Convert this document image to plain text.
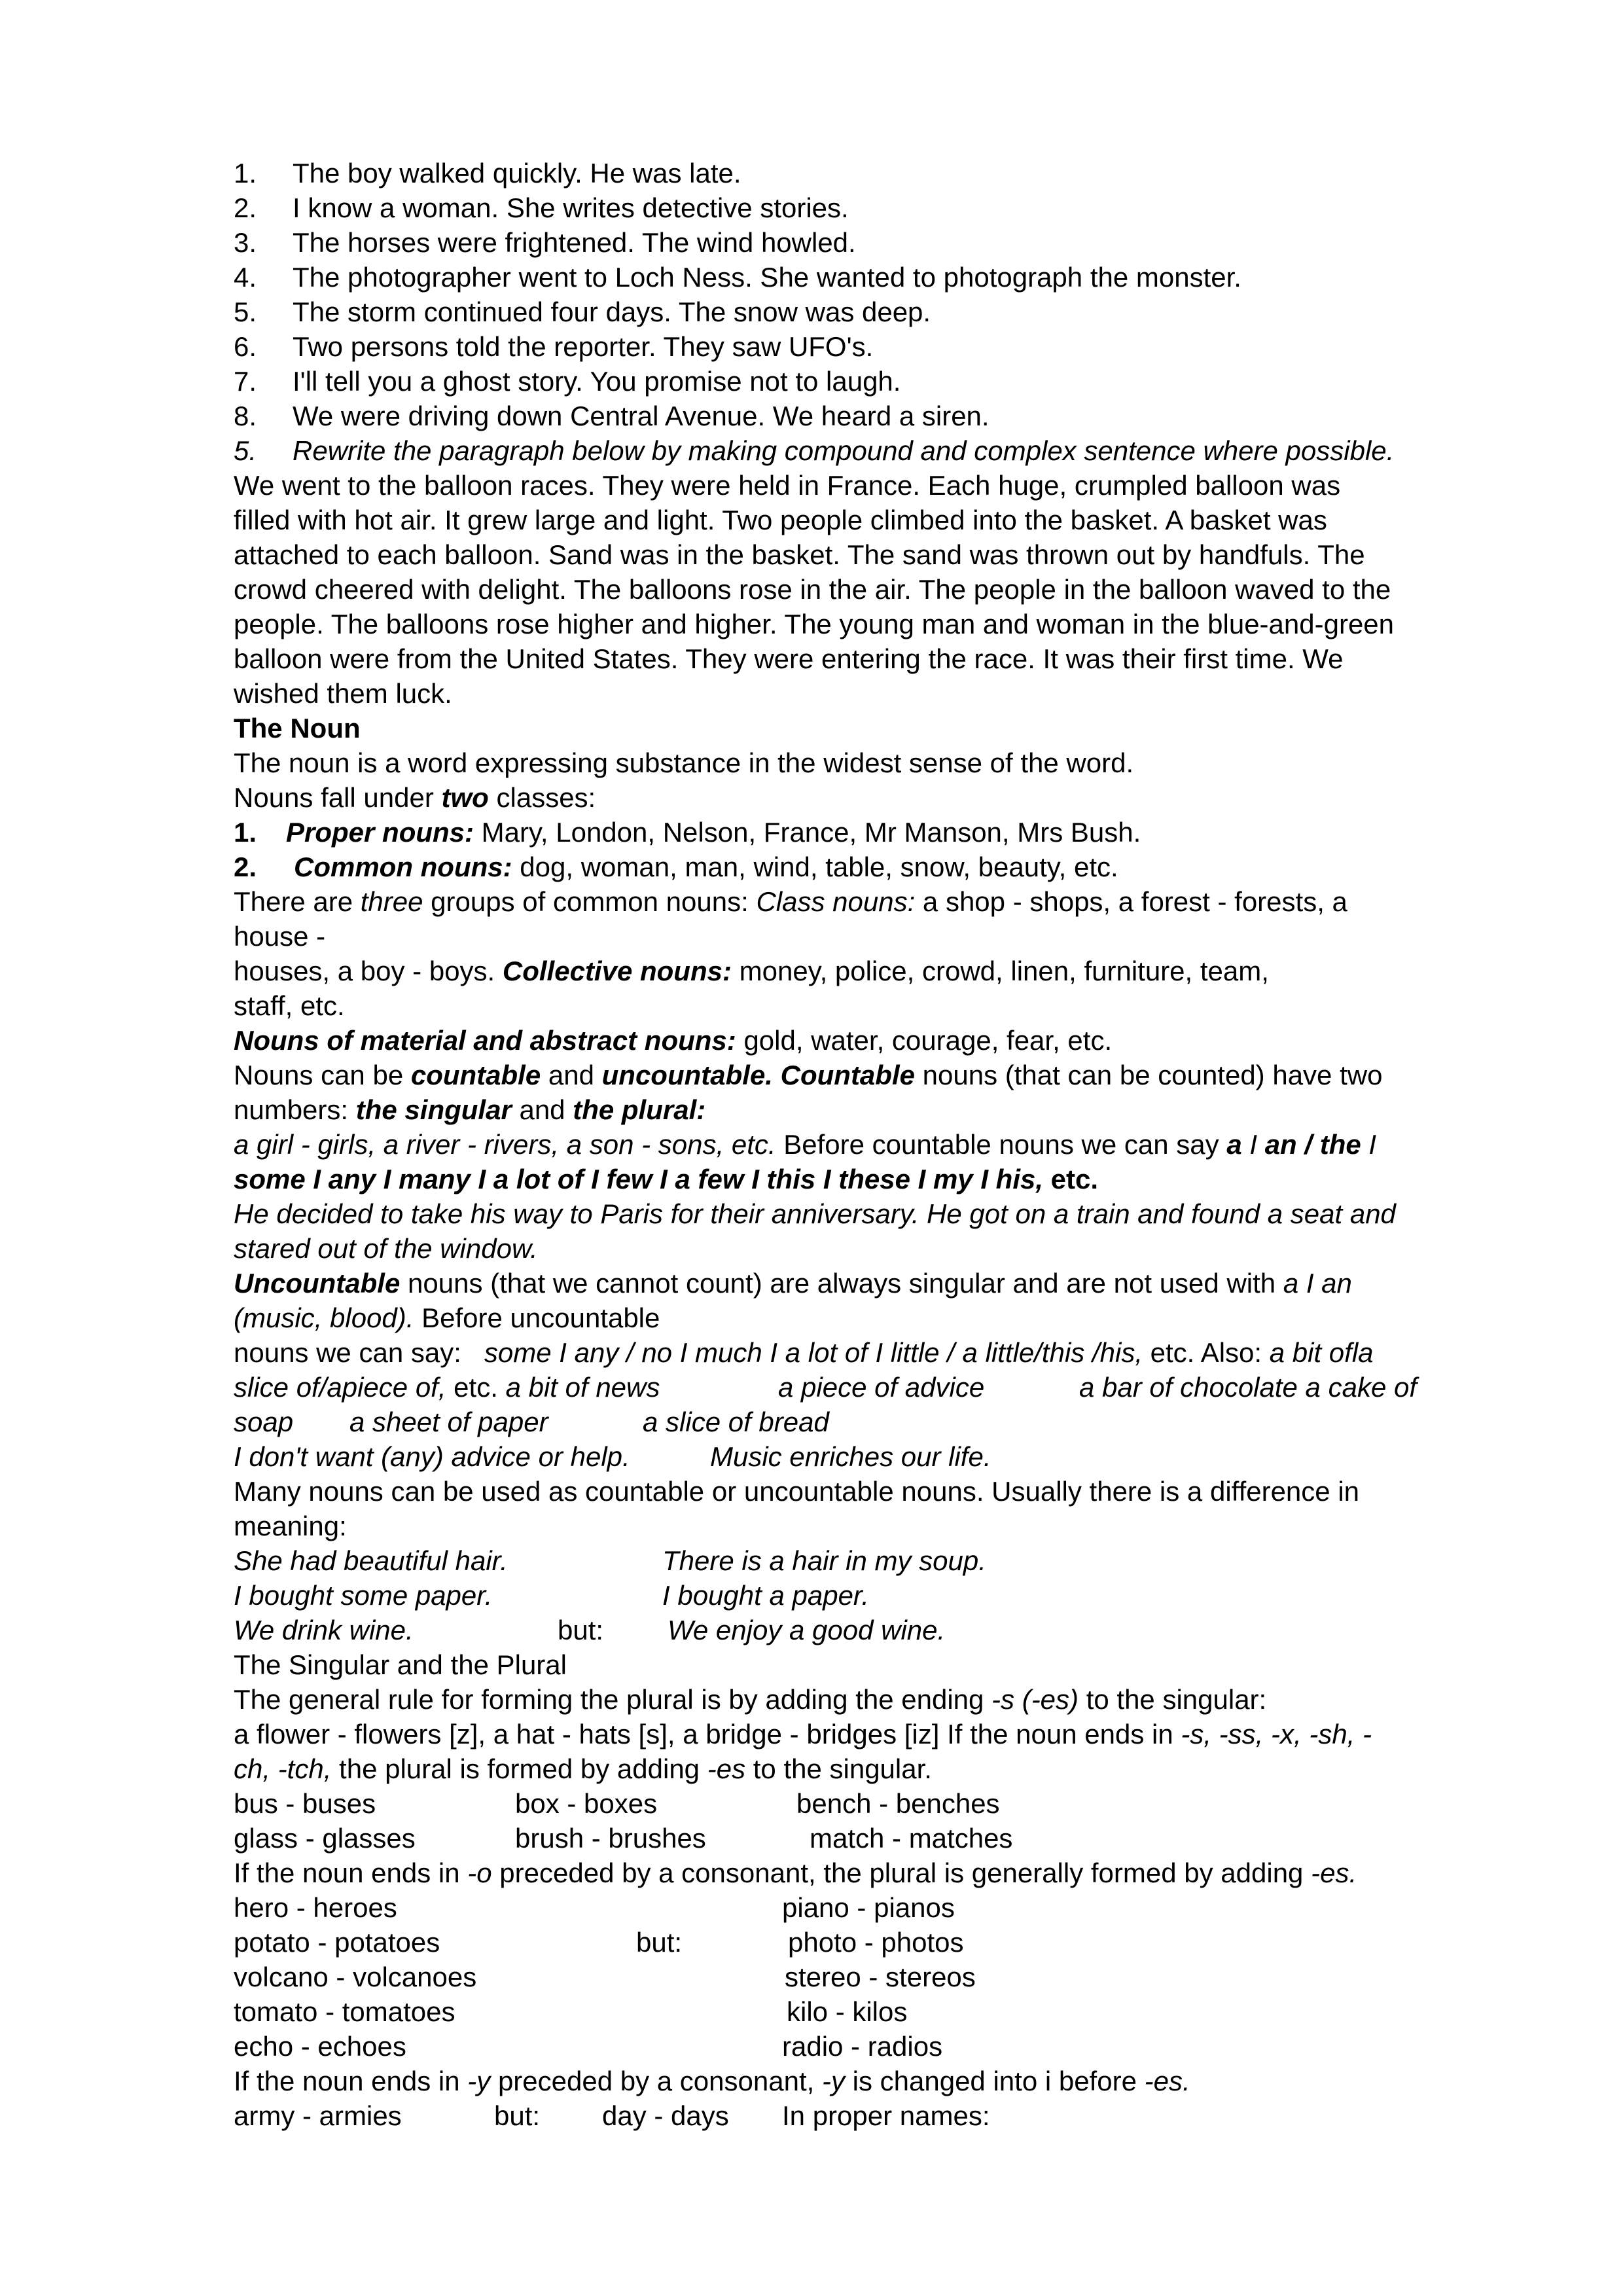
1. The boy walked quickly. He was late.
2. I know a woman. She writes detective stories.
3. The horses were frightened. The wind howled.
4. The photographer went to Loch Ness. She wanted to photograph the monster.
5. The storm continued four days. The snow was deep.
6. Two persons told the reporter. They saw UFO's.
7. I'll tell you a ghost story. You promise not to laugh.
8. We were driving down Central Avenue. We heard a siren.
5. Rewrite the paragraph below by making compound and complex sentence where possible.
We went to the balloon races. They were held in France. Each huge, crumpled balloon was
filled with hot air. It grew large and light. Two people climbed into the basket. A basket was
attached to each balloon. Sand was in the basket. The sand was thrown out by handfuls. The
crowd cheered with delight. The balloons rose in the air. The people in the balloon waved to the
people. The balloons rose higher and higher. The young man and woman in the blue-and-green
balloon were from the United States. They were entering the race. It was their first time. We
wished them luck.
The Noun
The noun is a word expressing substance in the widest sense of the word.
Nouns fall under two classes:
1. Proper nouns: Mary, London, Nelson, France, Mr Manson, Mrs Bush.
2. Common nouns: dog, woman, man, wind, table, snow, beauty, etc.
There are three groups of common nouns: Class nouns: a shop - shops, a forest - forests, a
house -
houses, a boy - boys. Collective nouns: money, police, crowd, linen, furniture, team,
staff, etc.
Nouns of material and abstract nouns: gold, water, courage, fear, etc.
Nouns can be countable and uncountable. Countable nouns (that can be counted) have two
numbers: the singular and the plural:
a girl - girls, a river - rivers, a son - sons, etc. Before countable nouns we can say a I an / the I
some I any I many I a lot of I few I a few I this I these I my I his, etc.
He decided to take his way to Paris for their anniversary. He got on a train and found a seat and
stared out of the window.
Uncountable nouns (that we cannot count) are always singular and are not used with a I an
(music, blood). Before uncountable
nouns we can say:   some I any / no I much I a lot of I little / a little/this /his, etc. Also: a bit ofla
slice of/apiece of, etc. a bit of news	a piece of advice	a bar of chocolate a cake of
soap a sheet of paper	a slice of bread
I don't want (any) advice or help.	Music enriches our life.
Many nouns can be used as countable or uncountable nouns. Usually there is a difference in
meaning:
She had beautiful hair.	There is a hair in my soup.
I bought some paper.	I bought a paper.
We drink wine.	but: We enjoy a good wine.
The Singular and the Plural
The general rule for forming the plural is by adding the ending -s (-es) to the singular:
a flower - flowers [z], a hat - hats [s], a bridge - bridges [iz] If the noun ends in -s, -ss, -x, -sh, -
ch, -tch, the plural is formed by adding -es to the singular.
bus - buses	box - boxes	bench - benches
glass - glasses	brush - brushes	match - matches
If the noun ends in -o preceded by a consonant, the plural is generally formed by adding -es.
hero - heroes	piano - pianos
potato - potatoes	but:	photo - photos
volcano - volcanoes	stereo - stereos
tomato - tomatoes	kilo - kilos
echo - echoes	radio - radios
If the noun ends in -y preceded by a consonant, -y is changed into i before -es.
army - armies	but: day - days In proper names:
